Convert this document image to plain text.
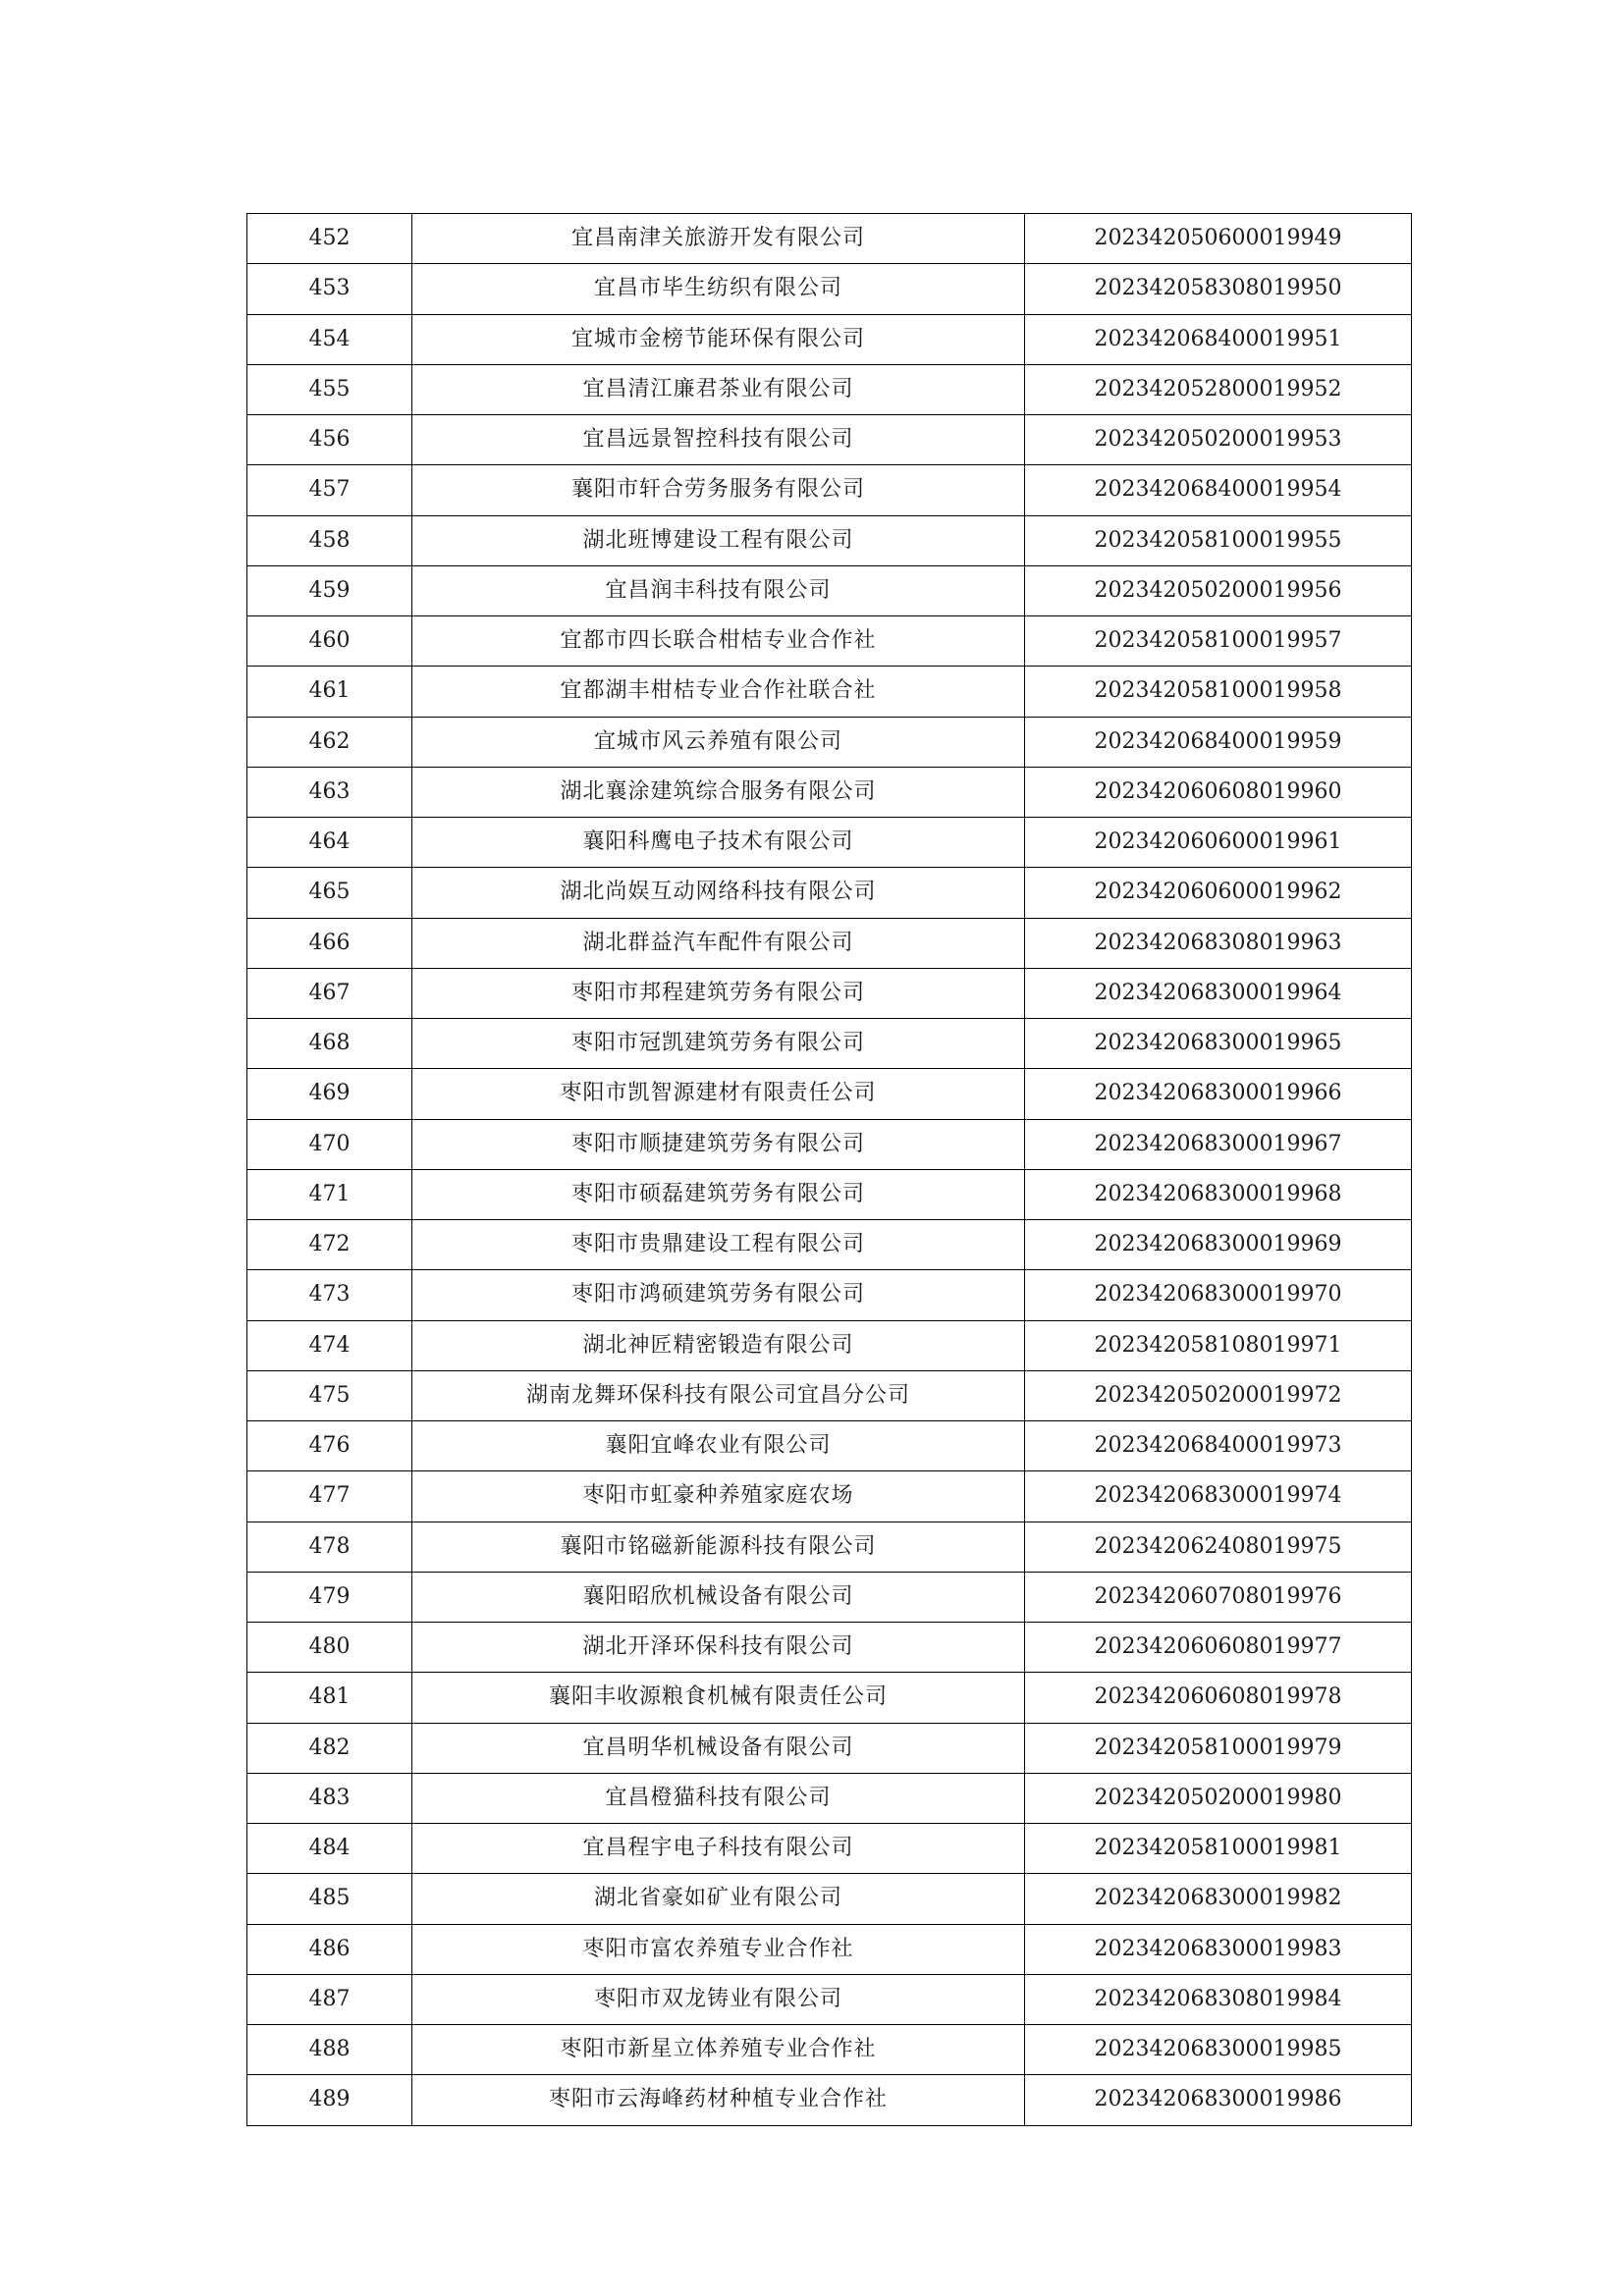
452	宜昌南津关旅游开发有限公司	202342050600019949
453	宜昌市毕生纺织有限公司	202342058308019950
454	宜城市金榜节能环保有限公司	202342068400019951
455	宜昌清江廉君茶业有限公司	202342052800019952
456	宜昌远景智控科技有限公司	202342050200019953
457	襄阳市轩合劳务服务有限公司	202342068400019954
458	湖北班博建设工程有限公司	202342058100019955
459	宜昌润丰科技有限公司	202342050200019956
460	宜都市四长联合柑桔专业合作社	202342058100019957
461	宜都湖丰柑桔专业合作社联合社	202342058100019958
462	宜城市风云养殖有限公司	202342068400019959
463	湖北襄涂建筑综合服务有限公司	202342060608019960
464	襄阳科鹰电子技术有限公司	202342060600019961
465	湖北尚娱互动网络科技有限公司	202342060600019962
466	湖北群益汽车配件有限公司	202342068308019963
467	枣阳市邦程建筑劳务有限公司	202342068300019964
468	枣阳市冠凯建筑劳务有限公司	202342068300019965
469	枣阳市凯智源建材有限责任公司	202342068300019966
470	枣阳市顺捷建筑劳务有限公司	202342068300019967
471	枣阳市硕磊建筑劳务有限公司	202342068300019968
472	枣阳市贵鼎建设工程有限公司	202342068300019969
473	枣阳市鸿硕建筑劳务有限公司	202342068300019970
474	湖北神匠精密锻造有限公司	202342058108019971
475	湖南龙舞环保科技有限公司宜昌分公司	202342050200019972
476	襄阳宜峰农业有限公司	202342068400019973
477	枣阳市虹豪种养殖家庭农场	202342068300019974
478	襄阳市铭磁新能源科技有限公司	202342062408019975
479	襄阳昭欣机械设备有限公司	202342060708019976
480	湖北开泽环保科技有限公司	202342060608019977
481	襄阳丰收源粮食机械有限责任公司	202342060608019978
482	宜昌明华机械设备有限公司	202342058100019979
483	宜昌橙猫科技有限公司	202342050200019980
484	宜昌程宇电子科技有限公司	202342058100019981
485	湖北省豪如矿业有限公司	202342068300019982
486	枣阳市富农养殖专业合作社	202342068300019983
487	枣阳市双龙铸业有限公司	202342068308019984
488	枣阳市新星立体养殖专业合作社	202342068300019985
489	枣阳市云海峰药材种植专业合作社	202342068300019986
